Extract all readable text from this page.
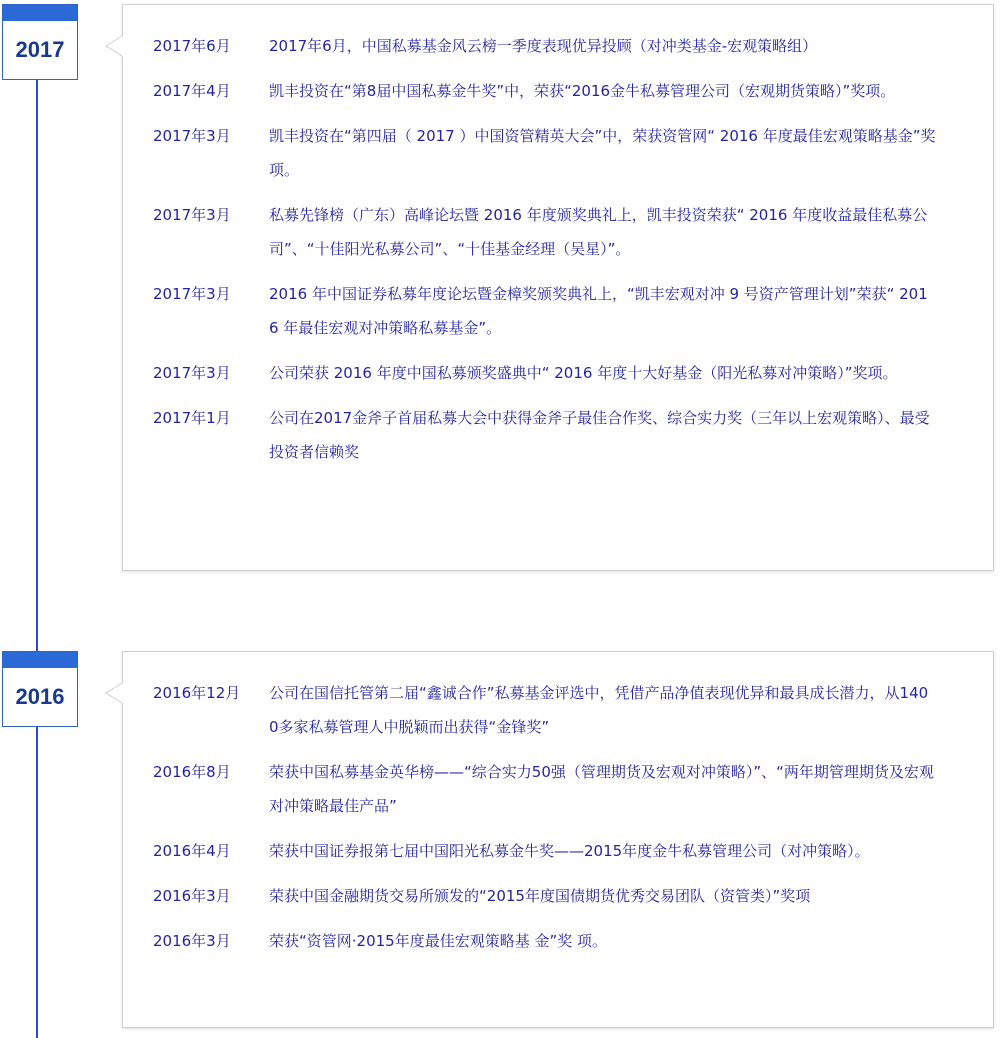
2017	2017年6月	2017年6月，中国私募基金风云榜一季度表现优异投顾（对冲类基金-宏观策略组）
2017年4月	凯丰投资在“第8届中国私募金牛奖”中，荣获“2016金牛私募管理公司（宏观期货策略）”奖项。
2017年3月	凯丰投资在“第四届（ 2017 ）中国资管精英大会”中，荣获资管网“ 2016 年度最佳宏观策略基金”奖项。
2017年3月	私募先锋榜（广东）高峰论坛暨 2016 年度颁奖典礼上，凯丰投资荣获“ 2016 年度收益最佳私募公司”、“十佳阳光私募公司”、“十佳基金经理（吴星）”。
2017年3月	2016 年中国证券私募年度论坛暨金樟奖颁奖典礼上，“凯丰宏观对冲 9 号资产管理计划”荣获“ 2016 年最佳宏观对冲策略私募基金”。
2017年3月	公司荣获 2016 年度中国私募颁奖盛典中“ 2016 年度十大好基金（阳光私募对冲策略）”奖项。
2017年1月	公司在2017金斧子首届私募大会中获得金斧子最佳合作奖、综合实力奖（三年以上宏观策略）、最受投资者信赖奖
2016	2016年12月	公司在国信托管第二届“鑫诚合作”私募基金评选中，凭借产品净值表现优异和最具成长潜力，从1400多家私募管理人中脱颖而出获得“金锋奖”
2016年8月	荣获中国私募基金英华榜——“综合实力50强（管理期货及宏观对冲策略）”、“两年期管理期货及宏观对冲策略最佳产品”
2016年4月	荣获中国证券报第七届中国阳光私募金牛奖——2015年度金牛私募管理公司（对冲策略）。
2016年3月	荣获中国金融期货交易所颁发的“2015年度国债期货优秀交易团队（资管类）”奖项
2016年3月	荣获“资管网·2015年度最佳宏观策略基 金”奖 项。
